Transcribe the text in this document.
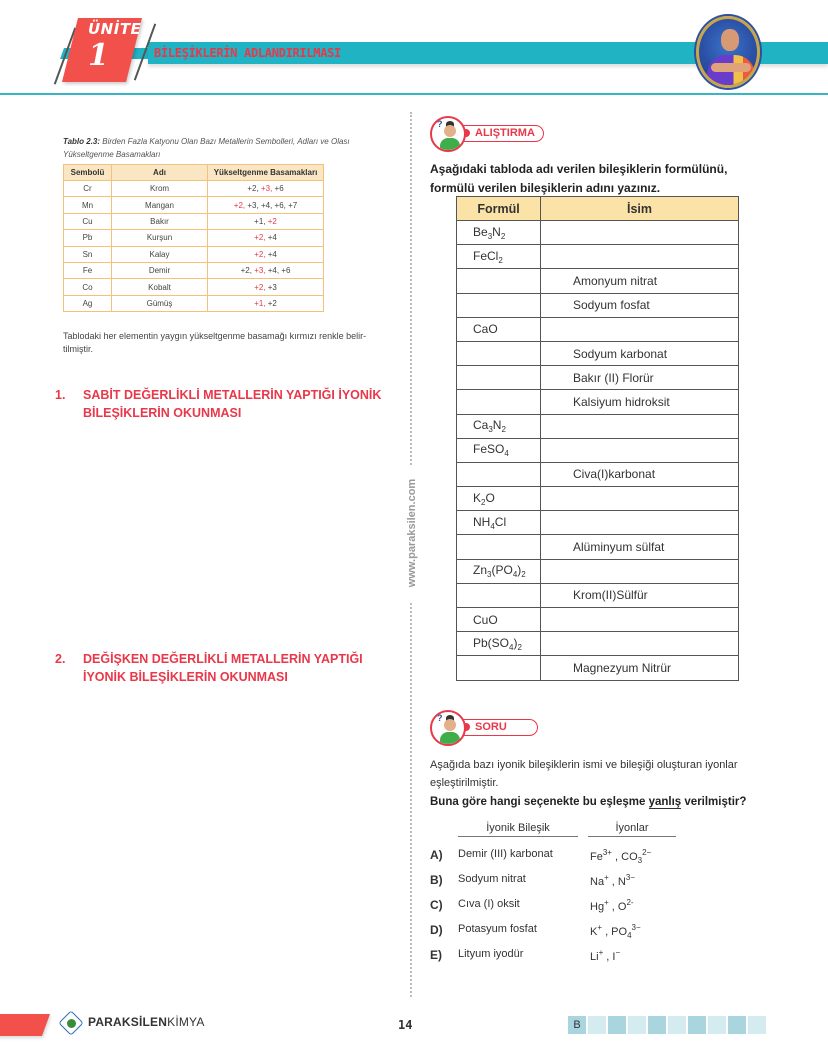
ÜNİTE
1	BİLEŞİKLERİN ADLANDIRILMASI
Tablo 2.3: Birden Fazla Katyonu Olan Bazı Metallerin Sembolleri, Adları ve Olası Yükseltgenme Basamakları
Sembolü	Adı	Yükseltgenme Basamakları
Cr	Krom	+2, +3, +6
Mn	Mangan	+2, +3, +4, +6, +7
Cu	Bakır	+1, +2
Pb	Kurşun	+2, +4
Sn	Kalay	+2, +4
Fe	Demir	+2, +3, +4, +6
Co	Kobalt	+2, +3
Ag	Gümüş	+1, +2
Tablodaki her elementin yaygın yükseltgenme basamağı kırmızı renkle belir-tilmiştir.
1. SABİT DEĞERLİKLİ METALLERİN YAPTIĞI İYONİK
BİLEŞİKLERİN OKUNMASI
2. DEĞİŞKEN DEĞERLİKLİ METALLERİN YAPTIĞI
İYONİK BİLEŞİKLERİN OKUNMASI
www.paraksilen.com
ALIŞTIRMA
?
Aşağıdaki tabloda adı verilen bileşiklerin formülünü,
formülü verilen bileşiklerin adını yazınız.
Formül	İsim
$Be_3N_2$	
FeCl$_2$	
	Amonyum nitrat
	Sodyum fosfat
CaO	
	Sodyum karbonat
	Bakır (II) Florür
	Kalsiyum hidroksit
$Ca_3N_2$	
FeSO$_4$	
	Civa(I)karbonat
$K_2O$	
$NH_4Cl$	
	Alüminyum sülfat
$Zn_3(PO_4)_2$	
	Krom(II)Sülfür
CuO	
$Pb(SO_4)_2$	
	Magnezyum Nitrür
SORU
?
Aşağıda bazı iyonik bileşiklerin ismi ve bileşiği oluşturan iyonlar eşleştirilmiştir.
Buna göre hangi seçenekte bu eşleşme yanlış verilmiştir?
İyonik Bileşik	İyonlar
A) Demir (III) karbonat	$Fe^{3+}$ , $CO_3^{2-}$
B) Sodyum nitrat	Na+ , $N^{3-}$
C) Cıva (I) oksit	Hg+ , $O^{2-}$
D) Potasyum fosfat	K+ , $PO_4^{3-}$
E) Lityum iyodür	Li+ , I−
PARAKSİLENKİMYA	14	B
